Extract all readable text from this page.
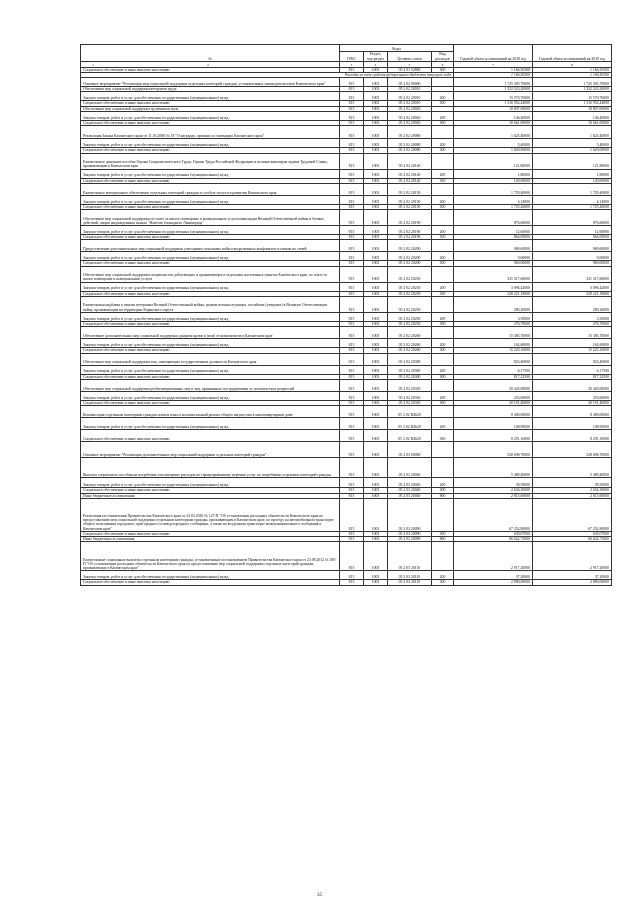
№	Коды				Годовой объем ассигнований на 2018 год	Годовой объем ассигнований на 2019 год
	ГРБС	Раздел, под-раздел	Целевая статья	Вид расходов		
1 2	3	4	5	6	7	8
Социальное обеспечение и иные выплаты населению	815	1003	05 2 01 52800	300	1 166,50300	1 166,50300
Расходы за счет средств федерального бюджета текущего года					1 166,50300	1 166,50300
Основное мероприятие "Реализация мер социальной поддержки отдельных категорий граждан, установленных законодательством Камчатского края"	815	1003	05 2 02 00000		1 725 305,70000	1 725 305,70000
Обеспечение мер социальной поддержки ветеранов труда	815	1003	05 2 02 20010		1 332 523,20000	1 332 523,20000
Закупка товаров, работ и услуг для обеспечения государственных (муниципальных) нужд	815	1003	05 2 02 20010	200	15 570,76000	15 570,76000
Социальное обеспечение и иные выплаты населению	815	1003	05 2 02 20010	300	1 316 952,44000	1 316 952,44000
Обеспечение мер социальной поддержки тружеников тыла	815	1003	05 2 02 20020		10 807,00000	10 807,00000
Закупка товаров, работ и услуг для обеспечения государственных (муниципальных) нужд	815	1003	05 2 02 20020	200	146,40000	146,40000
Социальное обеспечение и иные выплаты населению	815	1003	05 2 02 20020	300	10 661,00000	10 661,00000
Реализация Закона Камчатского края от 11.03.2008 № 18 "О наградах, премиях и стипендиях Камчатского края"	815	1003	05 2 02 20080		1 625,40000	1 625,40000
Закупка товаров, работ и услуг для обеспечения государственных (муниципальных) нужд	815	1003	05 2 02 20080	200	5,40000	5,40000
Социальное обеспечение и иные выплаты населению	815	1003	05 2 02 20080	300	1 620,00000	1 620,00000
Ежемесячное денежное пособие Героям Социалистического Труда, Героям Труда Российской Федерации и полным кавалерам ордена Трудовой Славы, проживающим в Камчатском крае	815	1003	05 2 02 20140		121,80000	121,80000
Закупка товаров, работ и услуг для обеспечения государственных (муниципальных) нужд	815	1003	05 2 02 20140	200	1,80000	1,80000
Социальное обеспечение и иные выплаты населению	815	1003	05 2 02 20140	300	120,00000	120,00000
Ежемесячное материальное обеспечение отдельных категорий граждан за особые заслуги в развитии Камчатского края	815	1003	05 2 02 20150		1 729,40000	1 729,40000
Закупка товаров, работ и услуг для обеспечения государственных (муниципальных) нужд	815	1003	05 2 02 20150	200	4,14000	4,14000
Социальное обеспечение и иные выплаты населению	815	1003	05 2 02 20150	300	1 725,26000	1 725,26000
Обеспечение мер социальной поддержки по плате за жилое помещение и коммунальные услуги инвалидам Великой Отечественной войны и боевых действий, лицам награжденным знаком "Жителю блокадного Ленинграда"	815	1003	05 2 02 20190		876,60000	876,60000
Закупка товаров, работ и услуг для обеспечения государственных (муниципальных) нужд	815	1003	05 2 02 20190	200	12,60000	12,60000
Социальное обеспечение и иные выплаты населению	815	1003	05 2 02 20190	300	864,00000	864,00000
Предоставление дополнительных мер социальной поддержки участникам локальных войн и вооруженных конфликтов и членам их семей	815	1003	05 2 02 20200		969,60000	969,60000
Закупка товаров, работ и услуг для обеспечения государственных (муниципальных) нужд	815	1003	05 2 02 20200	200	9,60000	9,60000
Социальное обеспечение и иные выплаты населению	815	1003	05 2 02 20200	300	960,00000	960,00000
Обеспечение мер социальной поддержки специалистов, работающих и проживающих в отдельных населенных пунктах Камчатского края, по плате за жилое помещение и коммунальные услуги	815	1003	05 2 02 20230		331 317,60000	331 317,60000
Закупка товаров, работ и услуг для обеспечения государственных (муниципальных) нужд	815	1003	05 2 02 20230	200	3 096,42000	3 096,42000
Социальное обеспечение и иные выплаты населению	815	1003	05 2 02 20230	300	328 221,18000	328 221,18000
Ежемесячная надбавка к пенсии ветеранам Великой Отечественной войны, вдовам военнослужащих, погибших (умерших) в Великую Отечественную войну, проживающим на территории Корякского округа	815	1003	05 2 02 20250		280,20000	280,20000
Закупка товаров, работ и услуг для обеспечения государственных (муниципальных) нужд	815	1003	05 2 02 20250	200	3,50000	3,50000
Социальное обеспечение и иные выплаты населению	815	1003	05 2 02 20250	300	276,70000	276,70000
Обеспечение дополнительных мер социальной поддержки донорам крови и (или) ее компонентов в Камчатском крае	815	1003	05 2 02 20260		15 385,70000	15 385,70000
Закупка товаров, работ и услуг для обеспечения государственных (муниципальных) нужд	815	1003	05 2 02 20260	200	162,60000	162,60000
Социальное обеспечение и иные выплаты населению	815	1003	05 2 02 20260	300	15 223,10000	15 223,10000
Обеспечение мер социальной поддержки лиц, замещающих государственные должности Камчатского края	815	1003	05 2 02 20300		823,40000	823,40000
Закупка товаров, работ и услуг для обеспечения государственных (муниципальных) нужд	815	1003	05 2 02 20300	200	6,17500	6,17500
Социальное обеспечение и иные выплаты населению	815	1003	05 2 02 20300	300	817,22500	817,22500
Обеспечение мер социальной поддержки реабилитированных лиц и лиц, признанных пострадавшими от политических репрессий	815	1003	05 2 02 20330		20 445,00000	20 445,00000
Закупка товаров, работ и услуг для обеспечения государственных (муниципальных) нужд	815	1003	05 2 02 20330	200	253,60000	253,60000
Социальное обеспечение и иные выплаты населению	815	1003	05 2 02 20330	300	20 191,40000	20 191,40000
Компенсация отдельным категориям граждан оплаты взноса на капитальный ремонт общего имущества в многоквартирном доме	815	1003	05 2 02 R4620		8 400,00000	8 400,00000
Закупка товаров, работ и услуг для обеспечения государственных (муниципальных) нужд	815	1003	05 2 02 R4620	200	108,90000	108,90000
Социальное обеспечение и иные выплаты населению	815	1003	05 2 02 R4620	300	8 291,10000	8 291,10000
Основное мероприятие "Реализация дополнительных мер социальной поддержки отдельных категорий граждан"	815	1003	05 2 03 00000		528 698,70000	528 698,70000
Выплата социального пособия на погребение и возмещение расходов по гарантированному перечню услуг по погребению отдельных категорий граждан	815	1003	05 2 03 20040		5 489,40000	5 489,40000
Закупка товаров, работ и услуг для обеспечения государственных (муниципальных) нужд	815	1003	05 2 03 20040	200	39,50000	39,50000
Социальное обеспечение и иные выплаты населению	815	1003	05 2 03 20040	300	2 634,30000	2 634,30000
Иные бюджетные ассигнования	815	1003	05 2 03 20040	800	2 815,60000	2 815,60000
Реализация постановления Правительства Камчатского края от 23.03.2010 № 127-П "Об установлении расходных обязательств Камчатского края по предоставлению мер социальной поддержки отдельным категориям граждан, проживающим в Камчатском крае, по проезду на автомобильном транспорте общего пользования городского, пригородного и междугородного сообщения, а также на воздушном транспорте межмуниципального сообщения в Камчатском крае"	815	1003	05 2 03 20090		67 252,80000	67 252,80000
Социальное обеспечение и иные выплаты населению	815	1003	05 2 03 20090	300	630,07000	630,07000
Иные бюджетные ассигнования	815	1003	05 2 03 20090	800	66 622,73000	66 622,73000
Ежемесячные социальные выплаты отдельным категориям граждан, установленным постановлением Правительства Камчатского края от 23.08.2012 № 385-П "Об установлении расходных обязательств Камчатского края по предоставлению мер социальной поддержки отдельных категорий граждан, проживающих в Камчатском крае"	815	1003	05 2 03 20110		2 917,20000	2 917,20000
Закупка товаров, работ и услуг для обеспечения государственных (муниципальных) нужд	815	1003	05 2 03 20110	200	37,20000	37,20000
Социальное обеспечение и иные выплаты населению	815	1003	05 2 03 20110	300	2 880,00000	2 880,00000
35
